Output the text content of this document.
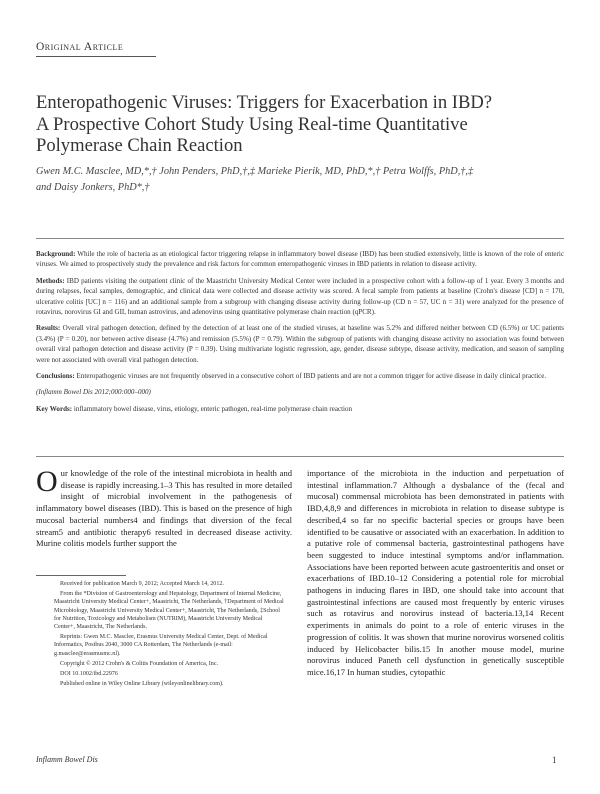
Original Article
Enteropathogenic Viruses: Triggers for Exacerbation in IBD?
A Prospective Cohort Study Using Real-time Quantitative
Polymerase Chain Reaction
Gwen M.C. Masclee, MD,*,† John Penders, PhD,†,‡ Marieke Pierik, MD, PhD,*,† Petra Wolffs, PhD,†,‡
and Daisy Jonkers, PhD*,†

Background: While the role of bacteria as an etiological factor triggering relapse in inflammatory bowel disease (IBD) has been studied extensively, little is known of the role of enteric viruses. We aimed to prospectively study the prevalence and risk factors for common enteropathogenic viruses in IBD patients in relation to disease activity.

Methods: IBD patients visiting the outpatient clinic of the Maastricht University Medical Center were included in a prospective cohort with a follow-up of 1 year. Every 3 months and during relapses, fecal samples, demographic, and clinical data were collected and disease activity was scored. A fecal sample from patients at baseline (Crohn's disease [CD] n = 170, ulcerative colitis [UC] n = 116) and an additional sample from a subgroup with changing disease activity during follow-up (CD n = 57, UC n = 31) were analyzed for the presence of rotavirus, norovirus GI and GII, human astrovirus, and adenovirus using quantitative polymerase chain reaction (qPCR).

Results: Overall viral pathogen detection, defined by the detection of at least one of the studied viruses, at baseline was 5.2% and differed neither between CD (6.5%) or UC patients (3.4%) (P = 0.20), nor between active disease (4.7%) and remission (5.5%) (P = 0.79). Within the subgroup of patients with changing disease activity no association was found between overall viral pathogen detection and disease activity (P = 0.39). Using multivariate logistic regression, age, gender, disease subtype, disease activity, medication, and season of sampling were not associated with overall viral pathogen detection.

Conclusions: Enteropathogenic viruses are not frequently observed in a consecutive cohort of IBD patients and are not a common trigger for active disease in daily clinical practice.

(Inflamm Bowel Dis 2012;000:000–000)

Key Words: inflammatory bowel disease, virus, etiology, enteric pathogen, real-time polymerase chain reaction

Our knowledge of the role of the intestinal microbiota in health and disease is rapidly increasing.1–3 This has resulted in more detailed insight of microbial involvement in the pathogenesis of inflammatory bowel diseases (IBD). This is based on the presence of high mucosal bacterial numbers4 and findings that diversion of the fecal stream5 and antibiotic therapy6 resulted in decreased disease activity. Murine colitis models further support the

Received for publication March 9, 2012; Accepted March 14, 2012.

From the *Division of Gastroenterology and Hepatology, Department of Internal Medicine, Maastricht University Medical Center+, Maastricht, The Netherlands, †Department of Medical Microbiology, Maastricht University Medical Center+, Maastricht, The Netherlands, ‡School for Nutrition, Toxicology and Metabolism (NUTRIM), Maastricht University Medical Center+, Maastricht, The Netherlands.

Reprints: Gwen M.C. Masclee, Erasmus University Medical Center, Dept. of Medical Informatics, Postbus 2040, 3000 CA Rotterdam, The Netherlands (e-mail: g.masclee@erasmusmc.nl).

Copyright © 2012 Crohn's & Colitis Foundation of America, Inc.

DOI 10.1002/ibd.22976

Published online in Wiley Online Library (wileyonlinelibrary.com).

importance of the microbiota in the induction and perpetuation of intestinal inflammation.7 Although a dysbalance of the (fecal and mucosal) commensal microbiota has been demonstrated in patients with IBD,4,8,9 and differences in microbiota in relation to disease subtype is described,4 so far no specific bacterial species or groups have been identified to be causative or associated with an exacerbation. In addition to a putative role of commensal bacteria, gastrointestinal pathogens have been suggested to induce intestinal symptoms and/or inflammation. Associations have been reported between acute gastroenteritis and onset or exacerbations of IBD.10–12 Considering a potential role for microbial pathogens in inducing flares in IBD, one should take into account that gastrointestinal infections are caused most frequently by enteric viruses such as rotavirus and norovirus instead of bacteria.13,14 Recent experiments in animals do point to a role of enteric viruses in the progression of colitis. It was shown that murine norovirus worsened colitis induced by Helicobacter bilis.15 In another mouse model, murine norovirus induced Paneth cell dysfunction in genetically susceptible mice.16,17 In human studies, cytopathic
Inflamm Bowel Dis	1
